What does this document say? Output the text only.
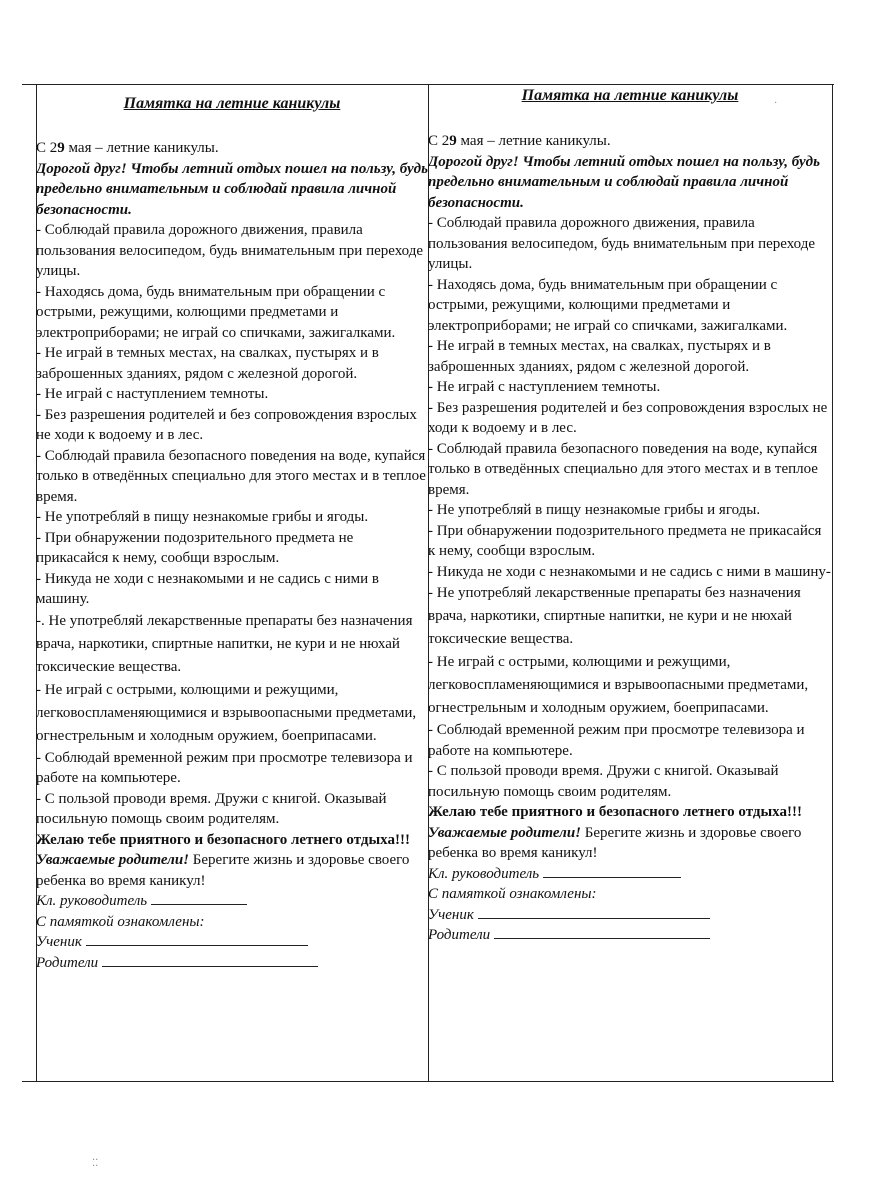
Памятка на летние каникулы

С 29 мая – летние каникулы.

Дорогой друг! Чтобы летний отдых пошел на пользу, будь предельно внимательным и соблюдай правила личной безопасности.

- Соблюдай правила дорожного движения, правила пользования велосипедом, будь внимательным при переходе улицы.

- Находясь дома, будь внимательным при обращении с острыми, режущими, колющими предметами и электроприборами; не играй со спичками, зажигалками.

- Не играй в темных местах, на свалках, пустырях и в заброшенных зданиях, рядом с железной дорогой.

- Не играй с наступлением темноты.

- Без разрешения родителей и без сопровождения взрослых не ходи к водоему и в лес.

- Соблюдай правила безопасного поведения на воде, купайся только в отведённых специально для этого местах и в теплое время.

- Не употребляй в пищу незнакомые грибы и ягоды.

- При обнаружении подозрительного предмета не прикасайся к нему, сообщи взрослым.

- Никуда не ходи с незнакомыми и не садись с ними в машину.

-. Не употребляй лекарственные препараты без назначения врача, наркотики, спиртные напитки, не кури и не нюхай токсические вещества.

- Не играй с острыми, колющими и режущими, легковоспламеняющимися и взрывоопасными предметами, огнестрельным и холодным оружием, боеприпасами.

- Соблюдай временной режим при просмотре телевизора и работе на компьютере.

- С пользой проводи время. Дружи с книгой. Оказывай посильную помощь своим родителям.

Желаю тебе приятного и безопасного летнего отдыха!!!

Уважаемые родители! Берегите жизнь и здоровье своего ребенка во время каникул!

Кл. руководитель

С памяткой ознакомлены:

Ученик

Родители

Памятка на летние каникулы

С 29 мая – летние каникулы.

Дорогой друг! Чтобы летний отдых пошел на пользу, будь предельно внимательным и соблюдай правила личной безопасности.

- Соблюдай правила дорожного движения, правила пользования велосипедом, будь внимательным при переходе улицы.

- Находясь дома, будь внимательным при обращении с острыми, режущими, колющими предметами и электроприборами; не играй со спичками, зажигалками.

- Не играй в темных местах, на свалках, пустырях и в заброшенных зданиях, рядом с железной дорогой.

- Не играй с наступлением темноты.

- Без разрешения родителей и без сопровождения взрослых не ходи к водоему и в лес.

- Соблюдай правила безопасного поведения на воде, купайся только в отведённых специально для этого местах и в теплое время.

- Не употребляй в пищу незнакомые грибы и ягоды.

- При обнаружении подозрительного предмета не прикасайся к нему, сообщи взрослым.

- Никуда не ходи с незнакомыми и не садись с ними в машину-

- Не употребляй лекарственные препараты без назначения врача, наркотики, спиртные напитки, не кури и не нюхай токсические вещества.

- Не играй с острыми, колющими и режущими, легковоспламеняющимися и взрывоопасными предметами, огнестрельным и холодным оружием, боеприпасами.

- Соблюдай временной режим при просмотре телевизора и работе на компьютере.

- С пользой проводи время. Дружи с книгой. Оказывай посильную помощь своим родителям.

Желаю тебе приятного и безопасного летнего отдыха!!!

Уважаемые родители! Берегите жизнь и здоровье своего ребенка во время каникул!

Кл. руководитель

С памяткой ознакомлены:

Ученик

Родители

⁚⁚
·
